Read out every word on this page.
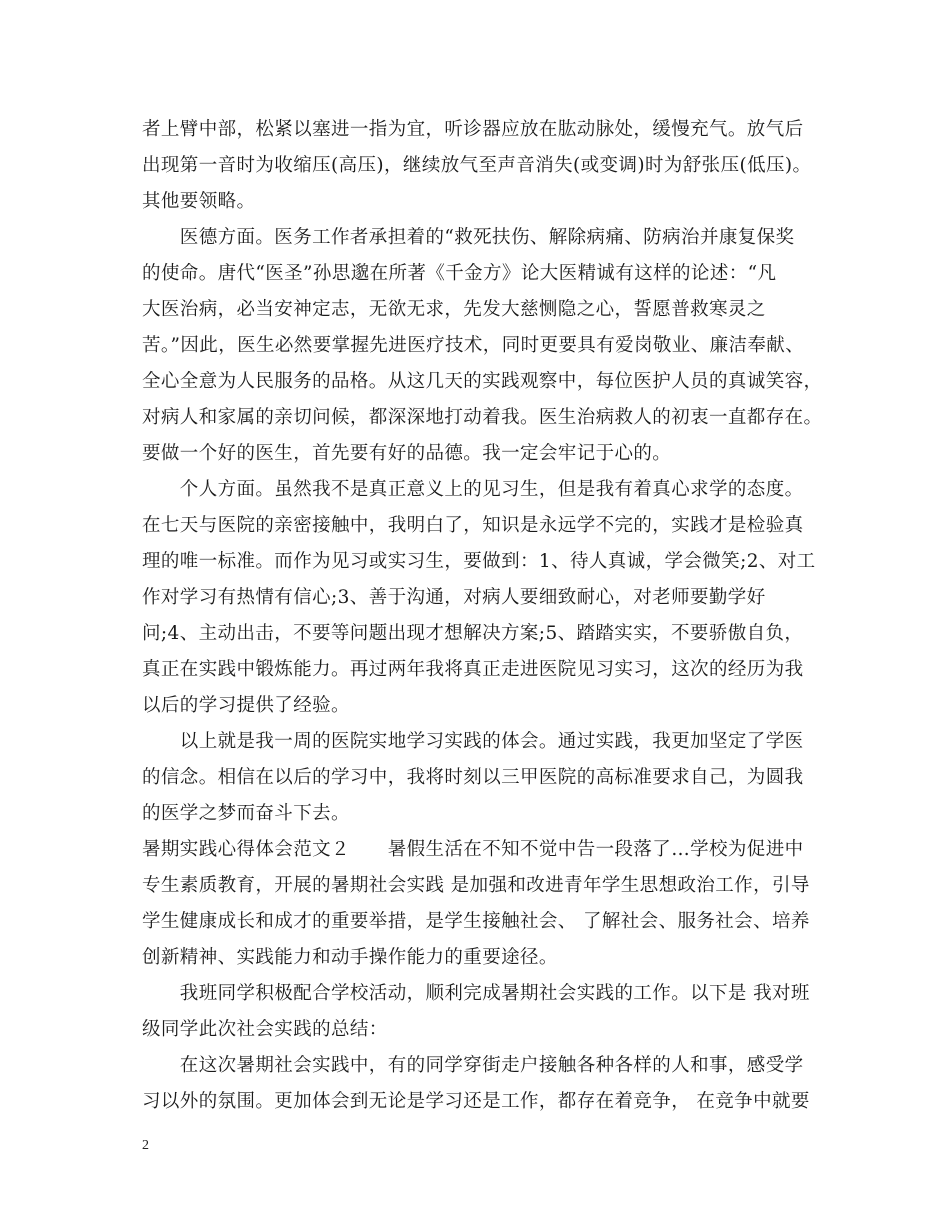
者上臂中部，松紧以塞进一指为宜，听诊器应放在肱动脉处，缓慢充气。放气后
出现第一音时为收缩压(高压)，继续放气至声音消失(或变调)时为舒张压(低压)。
其他要领略。
　　医德方面。医务工作者承担着的“救死扶伤、解除病痛、防病治并康复保奖
的使命。唐代“医圣”孙思邈在所著《千金方》论大医精诚有这样的论述：“凡
大医治病，必当安神定志，无欲无求，先发大慈恻隐之心，誓愿普救寒灵之
苦。”因此，医生必然要掌握先进医疗技术，同时更要具有爱岗敬业、廉洁奉献、
全心全意为人民服务的品格。从这几天的实践观察中，每位医护人员的真诚笑容，
对病人和家属的亲切问候，都深深地打动着我。医生治病救人的初衷一直都存在。
要做一个好的医生，首先要有好的品德。我一定会牢记于心的。
　　个人方面。虽然我不是真正意义上的见习生，但是我有着真心求学的态度。
在七天与医院的亲密接触中，我明白了，知识是永远学不完的，实践才是检验真
理的唯一标准。而作为见习或实习生，要做到：1、待人真诚，学会微笑;2、对工
作对学习有热情有信心;3、善于沟通，对病人要细致耐心，对老师要勤学好
问;4、主动出击，不要等问题出现才想解决方案;5、踏踏实实，不要骄傲自负，
真正在实践中锻炼能力。再过两年我将真正走进医院见习实习，这次的经历为我
以后的学习提供了经验。
　　以上就是我一周的医院实地学习实践的体会。通过实践，我更加坚定了学医
的信念。相信在以后的学习中，我将时刻以三甲医院的高标准要求自己，为圆我
的医学之梦而奋斗下去。
暑期实践心得体会范文２　　暑假生活在不知不觉中告一段落了…学校为促进中
专生素质教育，开展的暑期社会实践 是加强和改进青年学生思想政治工作，引导
学生健康成长和成才的重要举措，是学生接触社会、 了解社会、服务社会、培养
创新精神、实践能力和动手操作能力的重要途径。
　　我班同学积极配合学校活动，顺利完成暑期社会实践的工作。以下是 我对班
级同学此次社会实践的总结：
　　在这次暑期社会实践中，有的同学穿街走户接触各种各样的人和事，感受学
习以外的氛围。更加体会到无论是学习还是工作，都存在着竞争， 在竞争中就要
2
